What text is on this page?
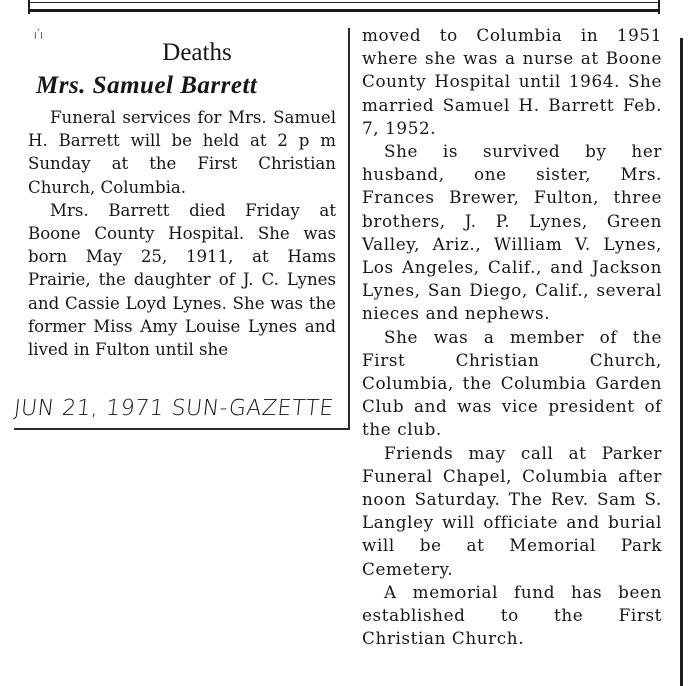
ꞁ𝄒ꞁ
Deaths
Mrs. Samuel Barrett

Funeral services for Mrs. Samuel H. Barrett will be held at 2 p m Sunday at the First Christian Church, Columbia.

Mrs. Barrett died Friday at Boone County Hospital. She was born May 25, 1911, at Hams Prairie, the daughter of J. C. Lynes and Cassie Loyd Lynes. She was the former Miss Amy Louise Lynes and lived in Fulton until she

JUN 21, 1971 SUN-GAZETTE

moved to Columbia in 1951 where she was a nurse at Boone County Hospital until 1964. She married Samuel H. Barrett Feb. 7, 1952.

She is survived by her husband, one sister, Mrs. Frances Brewer, Fulton, three brothers, J. P. Lynes, Green Valley, Ariz., William V. Lynes, Los Angeles, Calif., and Jackson Lynes, San Diego, Calif., several nieces and nephews.

She was a member of the First Christian Church, Columbia, the Columbia Garden Club and was vice president of the club.

Friends may call at Parker Funeral Chapel, Columbia after noon Saturday. The Rev. Sam S. Langley will officiate and burial will be at Memorial Park Cemetery.

A memorial fund has been established to the First Christian Church.
